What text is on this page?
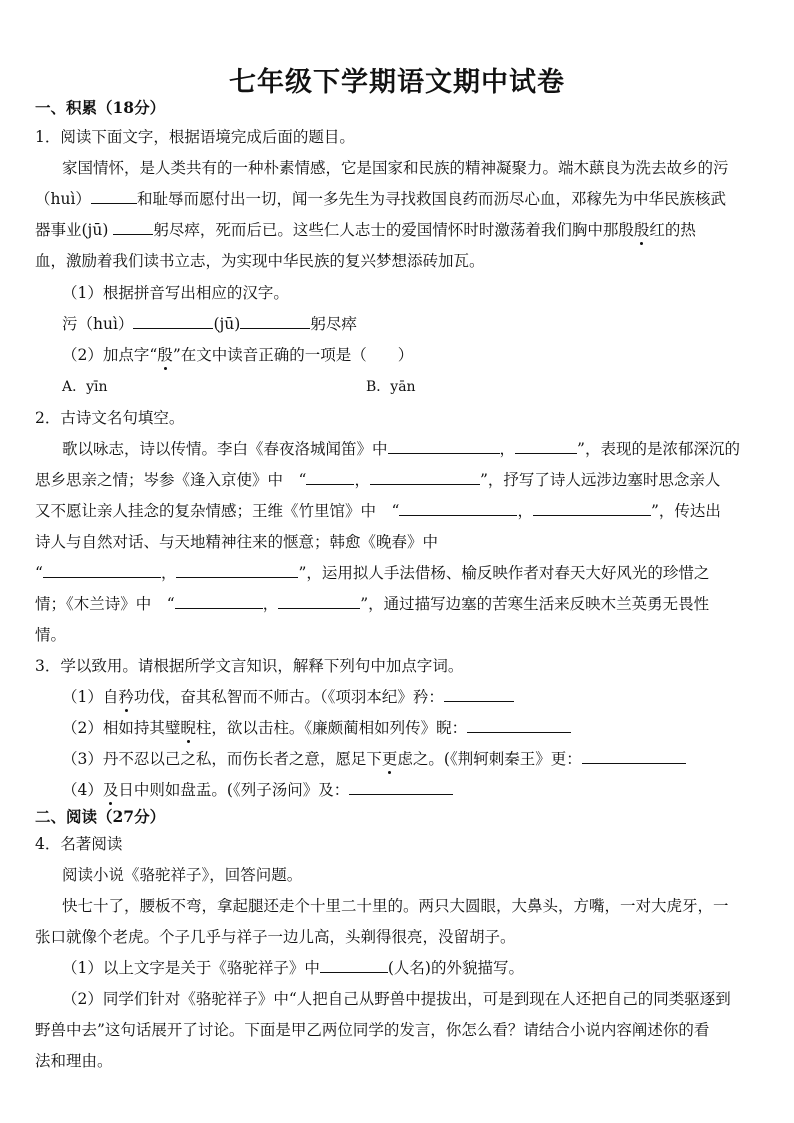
七年级下学期语文期中试卷
一、积累（18分）
1．阅读下面文字，根据语境完成后面的题目。
家国情怀，是人类共有的一种朴素情感，它是国家和民族的精神凝聚力。端木蕻良为洗去故乡的污
（huì）	和耻辱而愿付出一切，闻一多先生为寻找救国良药而沥尽心血，邓稼先为中华民族核武
器事业(jū)	躬尽瘁，死而后已。这些仁人志士的爱国情怀时时激荡着我们胸中那殷殷红的热
血，激励着我们读书立志，为实现中华民族的复兴梦想添砖加瓦。
（1）根据拼音写出相应的汉字。
污（huì）	(jū)	躬尽瘁
（2）加点字“殷”在文中读音正确的一项是（　　）
A．yīn	B．yān
2．古诗文名句填空。
歌以咏志，诗以传情。李白《春夜洛城闻笛》中	，	”，表现的是浓郁深沉的
思乡思亲之情；岑参《逢入京使》中　“	，	”，抒写了诗人远涉边塞时思念亲人
又不愿让亲人挂念的复杂情感；王维《竹里馆》中　“	，	”，传达出
诗人与自然对话、与天地精神往来的惬意；韩愈《晚春》中
“	，	”，运用拟人手法借杨、榆反映作者对春天大好风光的珍惜之
情；《木兰诗》中　“	，	”，通过描写边塞的苦寒生活来反映木兰英勇无畏性
情。
3．学以致用。请根据所学文言知识，解释下列句中加点字词。
（1）自矜功伐，奋其私智而不师古。（《项羽本纪》矜：
（2）相如持其璧睨柱，欲以击柱。《廉颇蔺相如列传》睨：
（3）丹不忍以己之私，而伤长者之意，愿足下更虑之。(《荆轲刺秦王》更：
（4）及日中则如盘盂。(《列子汤问》及：
二、阅读（27分）
4．名著阅读
阅读小说《骆驼祥子》，回答问题。
快七十了，腰板不弯，拿起腿还走个十里二十里的。两只大圆眼，大鼻头，方嘴，一对大虎牙，一
张口就像个老虎。个子几乎与祥子一边儿高，头剃得很亮，没留胡子。
（1）以上文字是关于《骆驼祥子》中	(人名)的外貌描写。
（2）同学们针对《骆驼祥子》中“人把自己从野兽中提拔出，可是到现在人还把自己的同类驱逐到
野兽中去”这句话展开了讨论。下面是甲乙两位同学的发言，你怎么看？请结合小说内容阐述你的看
法和理由。
